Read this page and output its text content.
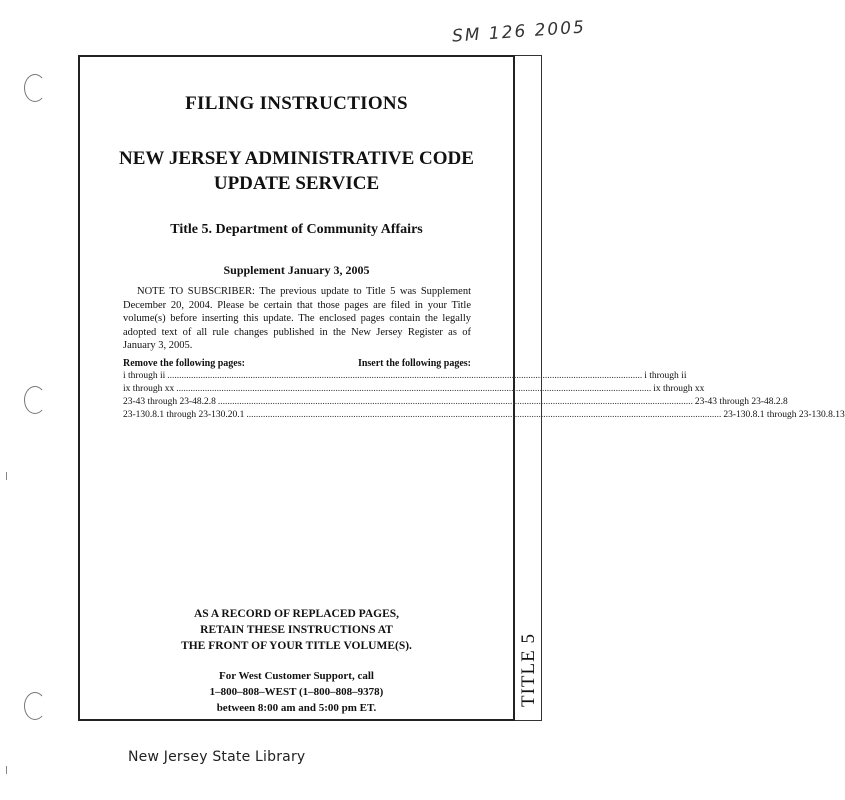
SM 126 2005
TITLE 5
FILING INSTRUCTIONS
NEW JERSEY ADMINISTRATIVE CODE
UPDATE SERVICE
Title 5. Department of Community Affairs
Supplement January 3, 2005
NOTE TO SUBSCRIBER: The previous update to Title 5 was Supplement December 20, 2004. Please be certain that those pages are filed in your Title volume(s) before inserting this update. The enclosed pages contain the legally adopted text of all rule changes published in the New Jersey Register as of January 3, 2005.
Remove the following pages:	Insert the following pages:
i through ii ........................................................................................................................................................................................................ i through ii
ix through xx ........................................................................................................................................................................................................ ix through xx
23-43 through 23-48.2.8 ........................................................................................................................................................................................................ 23-43 through 23-48.2.8
23-130.8.1 through 23-130.20.1 ........................................................................................................................................................................................................ 23-130.8.1 through 23-130.8.13
AS A RECORD OF REPLACED PAGES,
RETAIN THESE INSTRUCTIONS AT
THE FRONT OF YOUR TITLE VOLUME(S).
For West Customer Support, call
1–800–808–WEST (1–800–808–9378)
between 8:00 am and 5:00 pm ET.
New Jersey State Library
